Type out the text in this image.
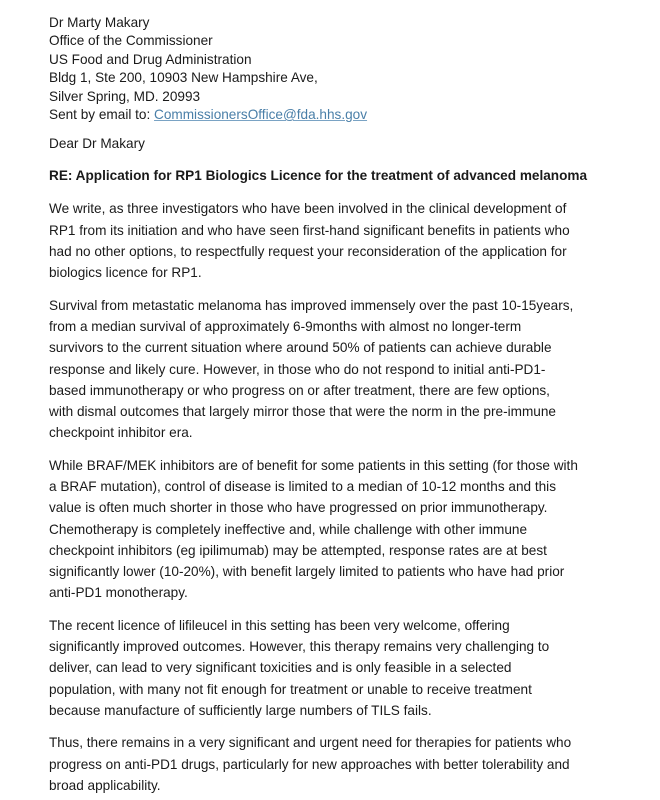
Dr Marty Makary
Office of the Commissioner
US Food and Drug Administration
Bldg 1, Ste 200, 10903 New Hampshire Ave,
Silver Spring, MD. 20993
Sent by email to: CommissionersOffice@fda.hhs.gov
Dear Dr Makary
RE: Application for RP1 Biologics Licence for the treatment of advanced melanoma
We write, as three investigators who have been involved in the clinical development of
RP1 from its initiation and who have seen first-hand significant benefits in patients who
had no other options, to respectfully request your reconsideration of the application for
biologics licence for RP1.
Survival from metastatic melanoma has improved immensely over the past 10-15years,
from a median survival of approximately 6-9months with almost no longer-term
survivors to the current situation where around 50% of patients can achieve durable
response and likely cure. However, in those who do not respond to initial anti-PD1-
based immunotherapy or who progress on or after treatment, there are few options,
with dismal outcomes that largely mirror those that were the norm in the pre-immune
checkpoint inhibitor era.
While BRAF/MEK inhibitors are of benefit for some patients in this setting (for those with
a BRAF mutation), control of disease is limited to a median of 10-12 months and this
value is often much shorter in those who have progressed on prior immunotherapy.
Chemotherapy is completely ineffective and, while challenge with other immune
checkpoint inhibitors (eg ipilimumab) may be attempted, response rates are at best
significantly lower (10-20%), with benefit largely limited to patients who have had prior
anti-PD1 monotherapy.
The recent licence of lifileucel in this setting has been very welcome, offering
significantly improved outcomes. However, this therapy remains very challenging to
deliver, can lead to very significant toxicities and is only feasible in a selected
population, with many not fit enough for treatment or unable to receive treatment
because manufacture of sufficiently large numbers of TILS fails.
Thus, there remains in a very significant and urgent need for therapies for patients who
progress on anti-PD1 drugs, particularly for new approaches with better tolerability and
broad applicability.
